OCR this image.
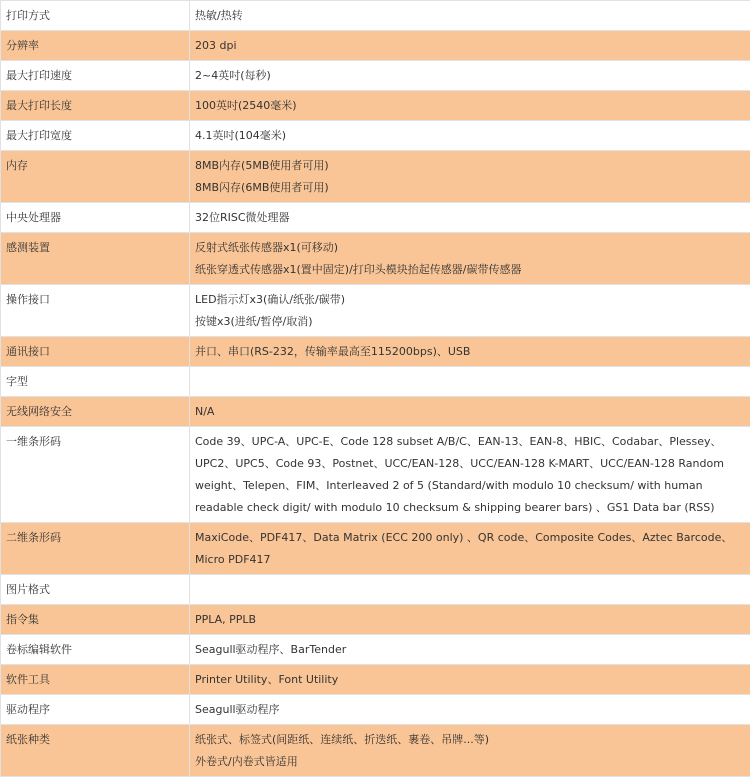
打印方式	热敏/热转

分辨率	203 dpi

最大打印速度	2~4英吋(每秒)

最大打印长度	100英吋(2540毫米)

最大打印宽度	4.1英吋(104毫米)

内存	8MB内存(5MB使用者可用)
8MB闪存(6MB使用者可用)

中央处理器	32位RISC微处理器

感测装置	反射式纸张传感器x1(可移动)
纸张穿透式传感器x1(置中固定)/打印头模块抬起传感器/碳带传感器

操作接口	LED指示灯x3(确认/纸张/碳带)
按键x3(进纸/暂停/取消)

通讯接口	并口、串口(RS-232，传输率最高至115200bps)、USB

字型	

无线网络安全	N/A

一维条形码	Code 39、UPC-A、UPC-E、Code 128 subset A/B/C、EAN-13、EAN-8、HBIC、Codabar、Plessey、UPC2、UPC5、Code 93、Postnet、UCC/EAN-128、UCC/EAN-128 K-MART、UCC/EAN-128 Random weight、Telepen、FIM、Interleaved 2 of 5 (Standard/with modulo 10 checksum/ with human readable check digit/ with modulo 10 checksum & shipping bearer bars) 、GS1 Data bar (RSS)

二维条形码	MaxiCode、PDF417、Data Matrix (ECC 200 only) 、QR code、Composite Codes、Aztec Barcode、Micro PDF417

图片格式	

指令集	PPLA, PPLB

卷标编辑软件	Seagull驱动程序、BarTender

软件工具	Printer Utility、Font Utility

驱动程序	Seagull驱动程序

纸张种类	纸张式、标签式(间距纸、连续纸、折迭纸、裹卷、吊牌...等)
外卷式/内卷式皆适用
